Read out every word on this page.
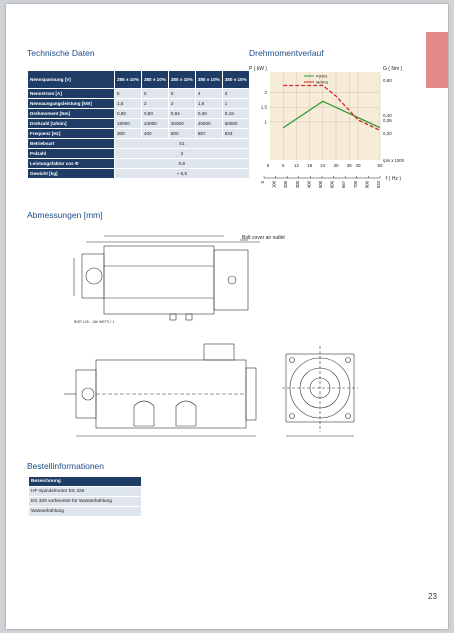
Technische Daten	Drehmomentverlauf
Nennspannung [V]	285 ± 10%	380 ± 10%	380 ± 10%	380 ± 10%	380 ± 10%
Nennstrom [A]	5	5	5	4	3
Nennausgangsleistung [kW]	1,5	2	2	1,5	1
Drehmoment [Nm]	0,80	0,80	0,64	0,36	0,19
Drehzahl [U/min]	18000	24000	30000	40000	50000
Frequenz [Hz]	300	400	500	667	833
Betriebsart	S1				
Polzahl	2				
Leistungsfaktor cos Φ	0,8				
Gewicht [kg]	~ 6,5				
6 12 18 24 30 36 40	50
6
1
1,5
2
0,80
0,40
0,36
0,20
P ( kW )	G ( Nm )
rpm x 1000
P(kW)
M(Nm)
0 100 200 300 400 500 600 667 700 800 833
f ( Hz )
Abmessungen [mm]
Bolt cover air outlet
BOR 125 - 18h WETS / 1
Bestellinformationen
Bezeichnung
HF-Spindelmotor ES 325
ES 325 vorbereitet für Wasserkühlung
Wasserkühlung
23
